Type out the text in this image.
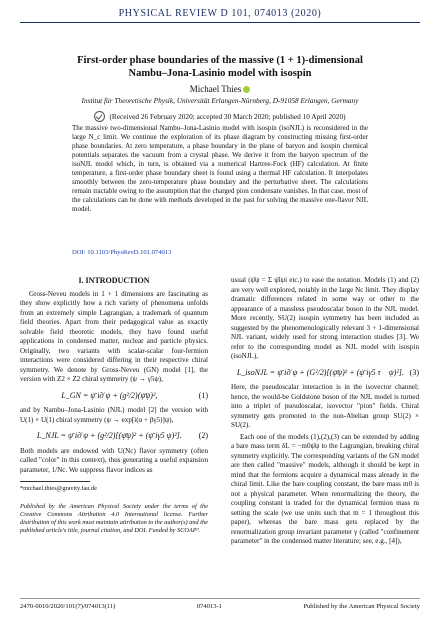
PHYSICAL REVIEW D 101, 074013 (2020)
First-order phase boundaries of the massive (1 + 1)-dimensional Nambu–Jona-Lasinio model with isospin
Michael Thies
Institut für Theoretische Physik, Universität Erlangen-Nürnberg, D-91058 Erlangen, Germany
(Received 26 February 2020; accepted 30 March 2020; published 10 April 2020)
The massive two-dimensional Nambu–Jona-Lasinio model with isospin (isoNJL) is reconsidered in the large N_c limit. We continue the exploration of its phase diagram by constructing missing first-order phase boundaries. At zero temperature, a phase boundary in the plane of baryon and isospin chemical potentials separates the vacuum from a crystal phase. We derive it from the baryon spectrum of the isoNJL model which, in turn, is obtained via a numerical Hartree-Fock (HF) calculation. At finite temperature, a first-order phase boundary sheet is found using a thermal HF calculation. It interpolates smoothly between the zero-temperature phase boundary and the perturbative sheet. The calculations remain tractable owing to the assumption that the charged pion condensate vanishes. In that case, most of the calculations can be done with methods developed in the past for solving the massive one-flavor NJL model.
DOI: 10.1103/PhysRevD.101.074013
I. INTRODUCTION

Gross-Neveu models in 1 + 1 dimensions are fascinating as they show explicitly how a rich variety of phenomena unfolds from an extremely simple Lagrangian, a trademark of quantum field theories. Apart from their pedagogical value as exactly solvable field theoretic models, they have found useful applications in condensed matter, nuclear and particle physics. Originally, two variants with scalar-scalar four-fermion interactions were considered differing in their respective chiral symmetry. We denote by Gross-Neveu (GN) model [1], the version with Z2 × Z2 chiral symmetry (ψ → γ5ψ),

L_GN = ψ̄ i∂̸ ψ + (g²/2)(ψ̄ψ)²,	(1)

and by Nambu–Jona-Lasinio (NJL) model [2] the version with U(1) × U(1) chiral symmetry (ψ → exp[i(α + βγ5)]ψ),

L_NJL = ψ̄ i∂̸ ψ + (g²/2)[(ψ̄ψ)² + (ψ̄ iγ5 ψ)²].	(2)

Both models are endowed with U(Nc) flavor symmetry (often called "color" in this context), thus generating a useful expansion parameter, 1/Nc. We suppress flavor indices as

*michael.thies@gravity.fau.de
Published by the American Physical Society under the terms of the Creative Commons Attribution 4.0 International license. Further distribution of this work must maintain attribution to the author(s) and the published article's title, journal citation, and DOI. Funded by SCOAP³.

usual (ψ̄ψ = Σ ψ̄iψi etc.) to ease the notation. Models (1) and (2) are very well explored, notably in the large Nc limit. They display dramatic differences related in some way or other to the appearance of a massless pseudoscalar boson in the NJL model. More recently, SU(2) isospin symmetry has been included as suggested by the phenomenologically relevant 3 + 1-dimensional NJL variant, widely used for strong interaction studies [3]. We refer to the corresponding model as NJL model with isospin (isoNJL),

L_isoNJL = ψ̄ i∂̸ ψ + (G²/2)[(ψ̄ψ)² + (ψ̄ iγ5 τ⃗ ψ)²]. (3)

Here, the pseudoscalar interaction is in the isovector channel; hence, the would-be Goldstone boson of the NJL model is turned into a triplet of pseudoscalar, isovector "pion" fields. Chiral symmetry gets promoted to the non-Abelian group SU(2) × SU(2).

Each one of the models (1),(2),(3) can be extended by adding a bare mass term δL = −m0ψ̄ψ to the Lagrangian, breaking chiral symmetry explicitly. The corresponding variants of the GN model are then called "massive" models, although it should be kept in mind that the fermions acquire a dynamical mass already in the chiral limit. Like the bare coupling constant, the bare mass m0 is not a physical parameter. When renormalizing the theory, the coupling constant is traded for the dynamical fermion mass m setting the scale (we use units such that m = 1 throughout this paper), whereas the bare mass gets replaced by the renormalization group invariant parameter γ (called "confinement parameter" in the condensed matter literature; see, e.g., [4]),

2470-0010/2020/101(7)/074013(11)	074013-1	Published by the American Physical Society
